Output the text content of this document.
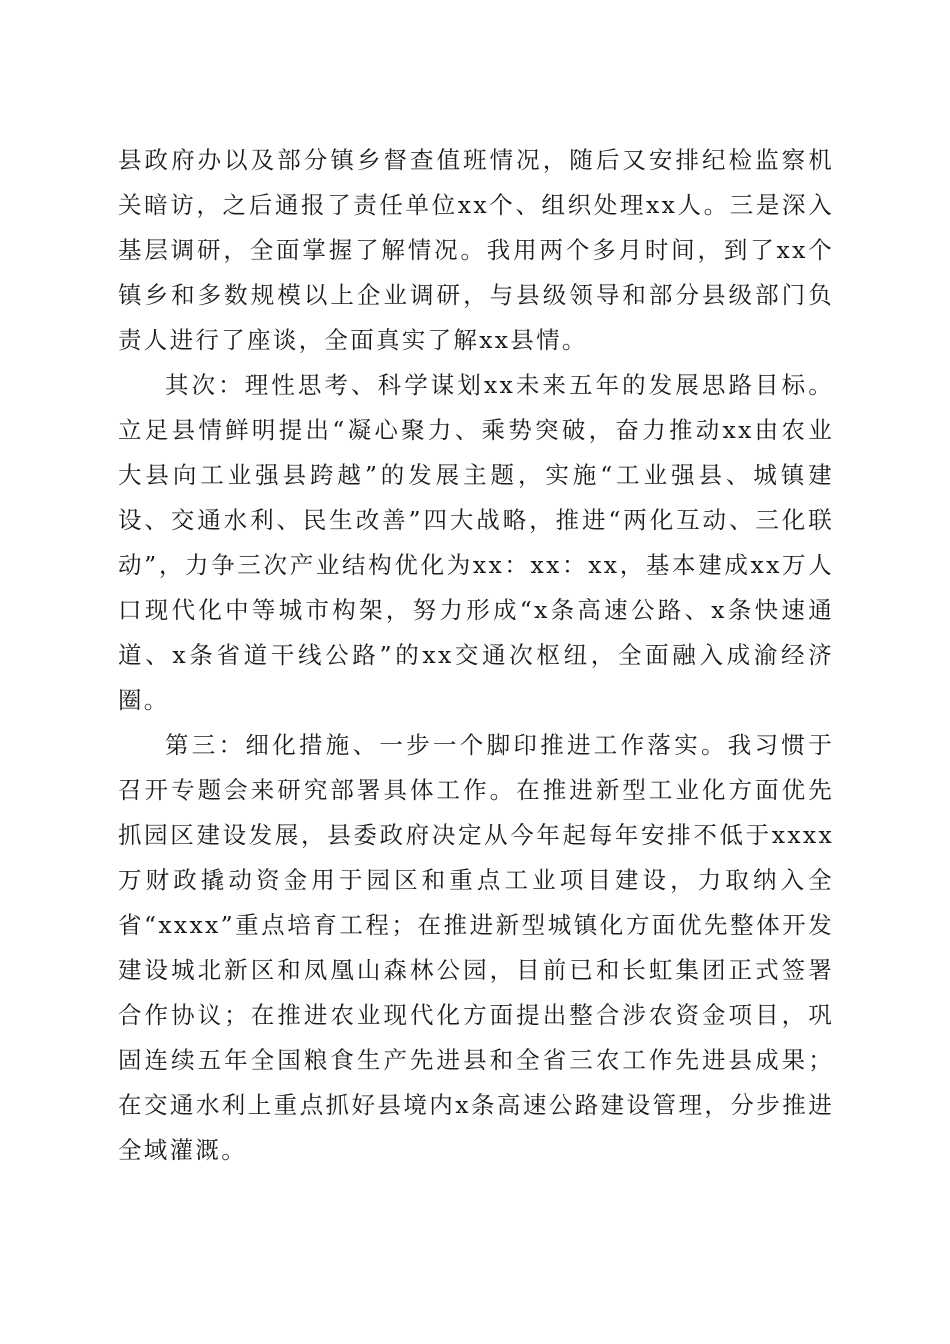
县政府办以及部分镇乡督查值班情况，随后又安排纪检监察机关暗访，之后通报了责任单位xx个、组织处理xx人。三是深入基层调研，全面掌握了解情况。我用两个多月时间，到了xx个镇乡和多数规模以上企业调研，与县级领导和部分县级部门负责人进行了座谈，全面真实了解xx县情。

其次：理性思考、科学谋划xx未来五年的发展思路目标。立足县情鲜明提出“凝心聚力、乘势突破，奋力推动xx由农业大县向工业强县跨越”的发展主题，实施“工业强县、城镇建设、交通水利、民生改善”四大战略，推进“两化互动、三化联动”，力争三次产业结构优化为xx：xx：xx，基本建成xx万人口现代化中等城市构架，努力形成“x条高速公路、x条快速通道、x条省道干线公路”的xx交通次枢纽，全面融入成渝经济圈。

第三：细化措施、一步一个脚印推进工作落实。我习惯于召开专题会来研究部署具体工作。在推进新型工业化方面优先抓园区建设发展，县委政府决定从今年起每年安排不低于xxxx万财政撬动资金用于园区和重点工业项目建设，力取纳入全省“xxxx”重点培育工程；在推进新型城镇化方面优先整体开发建设城北新区和凤凰山森林公园，目前已和长虹集团正式签署合作协议；在推进农业现代化方面提出整合涉农资金项目，巩固连续五年全国粮食生产先进县和全省三农工作先进县成果；在交通水利上重点抓好县境内x条高速公路建设管理，分步推进全域灌溉。
